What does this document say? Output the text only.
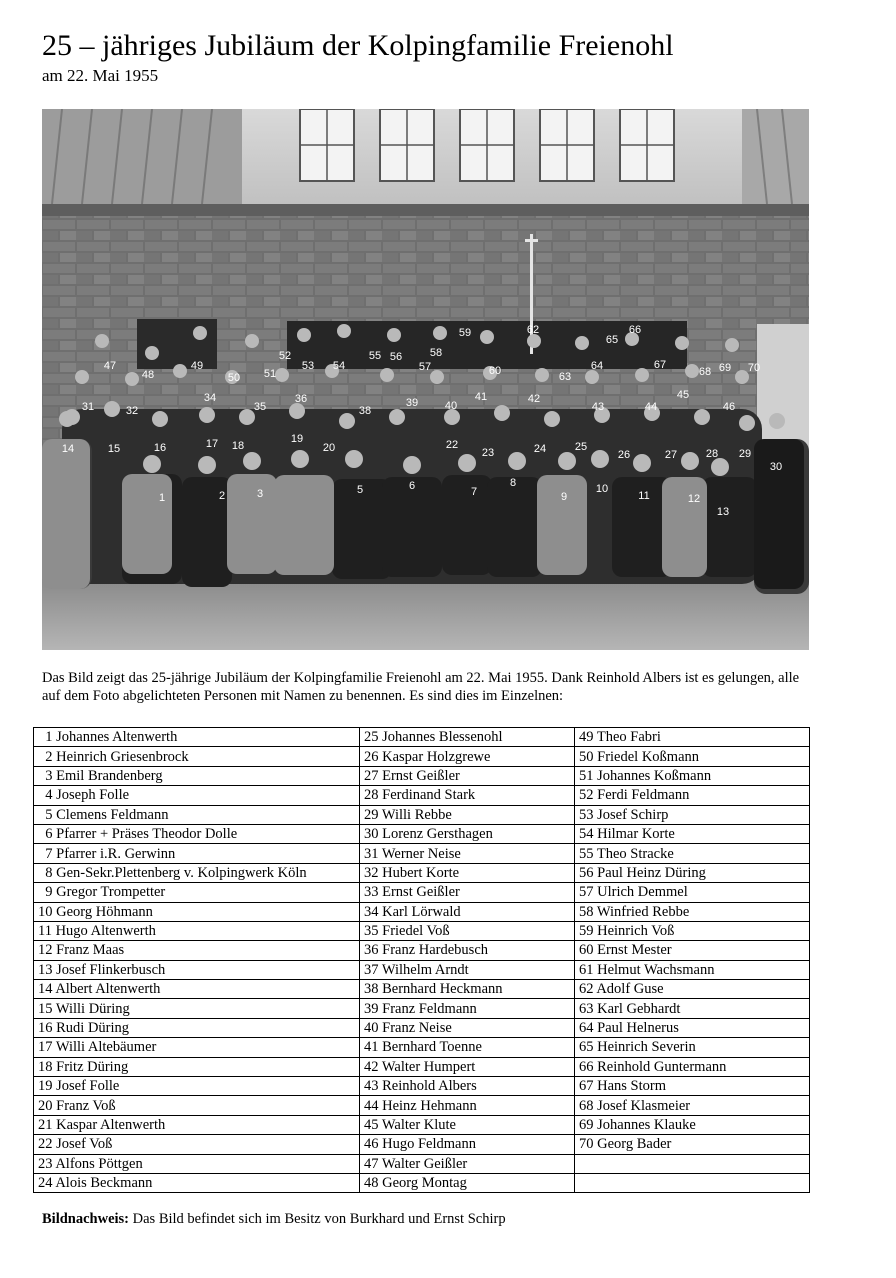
25 – jähriges Jubiläum der Kolpingfamilie Freienohl
am 22. Mai 1955
1	2	3	5	6	7
8
9
10
11	12
13
14	15	16	17 18
19
20	22
23	24	25
26	27	28 29
30
31	32
34
35
36
38
39 40
41	42
43	44
45
46
47
48
49
50 51
52
53 54
55 56
57
58
59
60
62
63
64
65
66
67
68 69 70
Das Bild zeigt das 25-jährige Jubiläum der Kolpingfamilie Freienohl am 22. Mai 1955. Dank Reinhold Albers ist es gelungen, alle auf dem Foto abgelichteten Personen mit Namen zu benennen. Es sind dies im Einzelnen:
1 Johannes Altenwerth	25 Johannes Blessenohl	49 Theo Fabri
2 Heinrich Griesenbrock	26 Kaspar Holzgrewe	50 Friedel Koßmann
3 Emil Brandenberg	27 Ernst Geißler	51 Johannes Koßmann
4 Joseph Folle	28 Ferdinand Stark	52 Ferdi Feldmann
5 Clemens Feldmann	29 Willi Rebbe	53 Josef Schirp
6 Pfarrer + Präses Theodor Dolle	30 Lorenz Gersthagen	54 Hilmar Korte
7 Pfarrer i.R. Gerwinn	31 Werner Neise	55 Theo Stracke
8 Gen-Sekr.Plettenberg v. Kolpingwerk Köln	32 Hubert Korte	56 Paul Heinz Düring
9 Gregor Trompetter	33 Ernst Geißler	57 Ulrich Demmel
10 Georg Höhmann	34 Karl Lörwald	58 Winfried Rebbe
11 Hugo Altenwerth	35 Friedel Voß	59 Heinrich Voß
12 Franz Maas	36 Franz Hardebusch	60 Ernst Mester
13 Josef Flinkerbusch	37 Wilhelm Arndt	61 Helmut Wachsmann
14 Albert Altenwerth	38 Bernhard Heckmann	62 Adolf Guse
15 Willi Düring	39 Franz Feldmann	63 Karl Gebhardt
16 Rudi Düring	40 Franz Neise	64 Paul Helnerus
17 Willi Altebäumer	41 Bernhard Toenne	65 Heinrich Severin
18 Fritz Düring	42 Walter Humpert	66 Reinhold Guntermann
19 Josef Folle	43 Reinhold Albers	67 Hans Storm
20 Franz Voß	44 Heinz Hehmann	68 Josef Klasmeier
21 Kaspar Altenwerth	45 Walter Klute	69 Johannes Klauke
22 Josef Voß	46 Hugo Feldmann	70 Georg Bader
23 Alfons Pöttgen	47 Walter Geißler	
24 Alois Beckmann	48 Georg Montag	
Bildnachweis: Das Bild befindet sich im Besitz von Burkhard und Ernst Schirp
